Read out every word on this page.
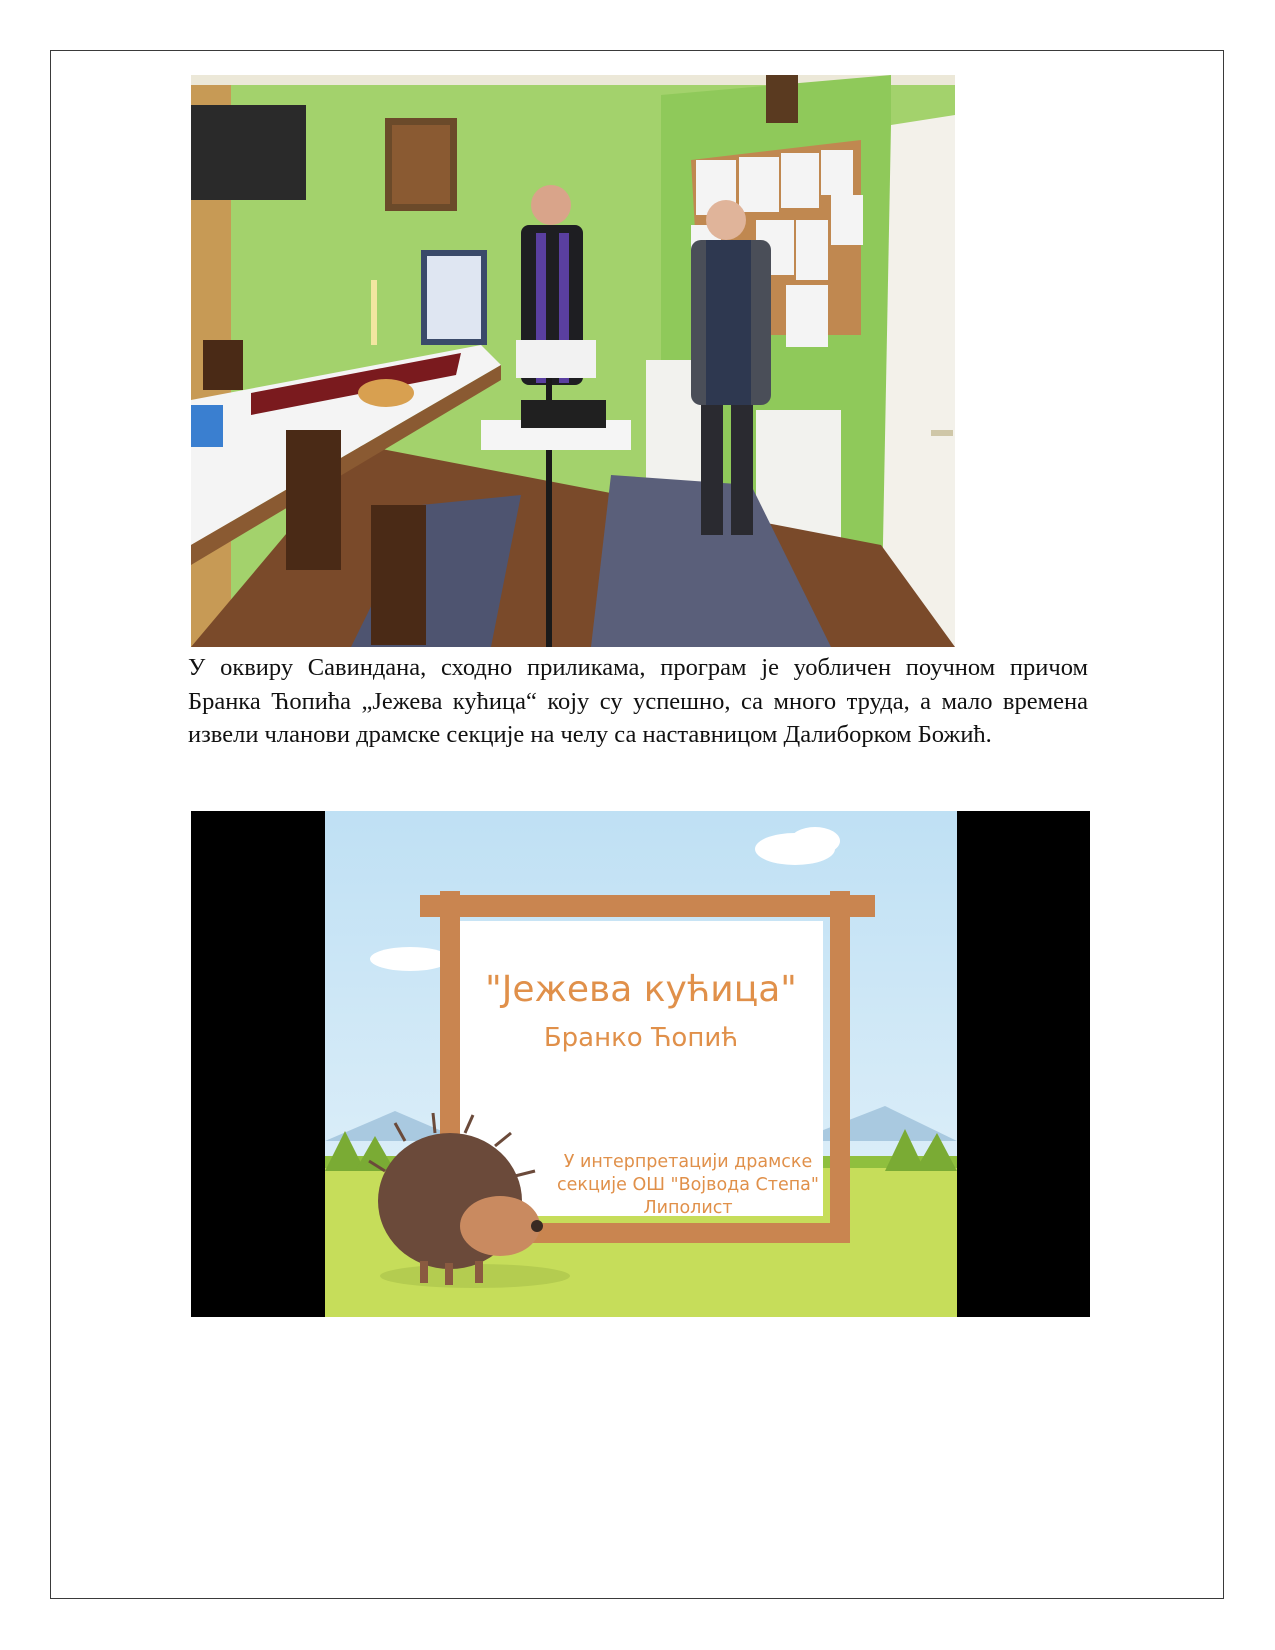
У оквиру Савиндана, сходно приликама, програм је уобличен поучном причом Бранка Ћопића „Јежева кућица“ коју су успешно, са много труда, а мало времена извели чланови драмске секције на челу са наставницом Далиборком Божић.

"Јежева кућица"
Бранко Ћопић
У интерпретацији драмске секције ОШ "Војвода Степа" Липолист
